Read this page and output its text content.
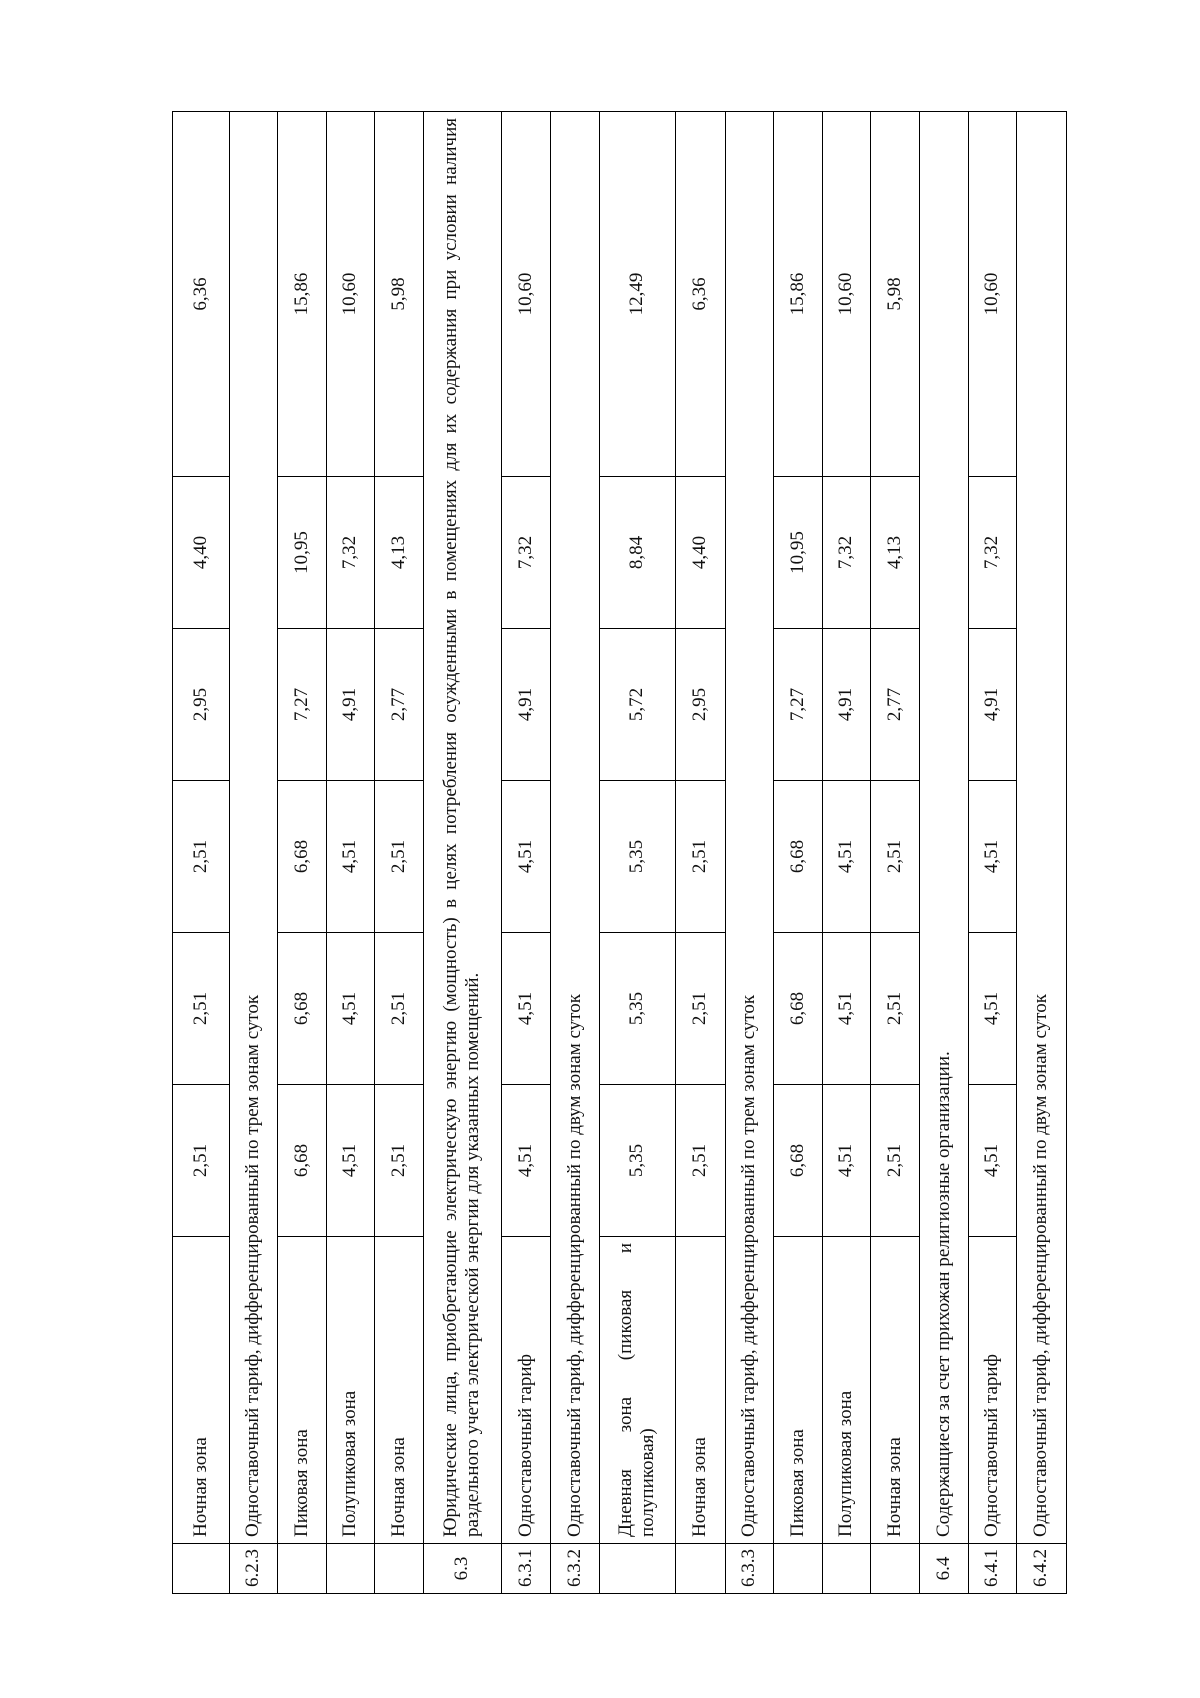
	Ночная зона	2,51	2,51	2,51	2,95	4,40	6,36
6.2.3	Одноставочный тариф, дифференцированный по трем зонам суток						
	Пиковая зона	6,68	6,68	6,68	7,27	10,95	15,86
	Полупиковая зона	4,51	4,51	4,51	4,91	7,32	10,60
	Ночная зона	2,51	2,51	2,51	2,77	4,13	5,98
6.3	Юридические лица, приобретающие электрическую энергию (мощность) в целях потребления осужденными в помещениях для их содержания при условии наличия раздельного учета электрической энергии для указанных помещений.						
6.3.1	Одноставочный тариф	4,51	4,51	4,51	4,91	7,32	10,60
6.3.2	Одноставочный тариф, дифференцированный по двум зонам суток						
	Дневная зона (пиковая и полупиковая)	5,35	5,35	5,35	5,72	8,84	12,49
	Ночная зона	2,51	2,51	2,51	2,95	4,40	6,36
6.3.3	Одноставочный тариф, дифференцированный по трем зонам суток						
	Пиковая зона	6,68	6,68	6,68	7,27	10,95	15,86
	Полупиковая зона	4,51	4,51	4,51	4,91	7,32	10,60
	Ночная зона	2,51	2,51	2,51	2,77	4,13	5,98
6.4	Содержащиеся за счет прихожан религиозные организации.						
6.4.1	Одноставочный тариф	4,51	4,51	4,51	4,91	7,32	10,60
6.4.2	Одноставочный тариф, дифференцированный по двум зонам суток						
